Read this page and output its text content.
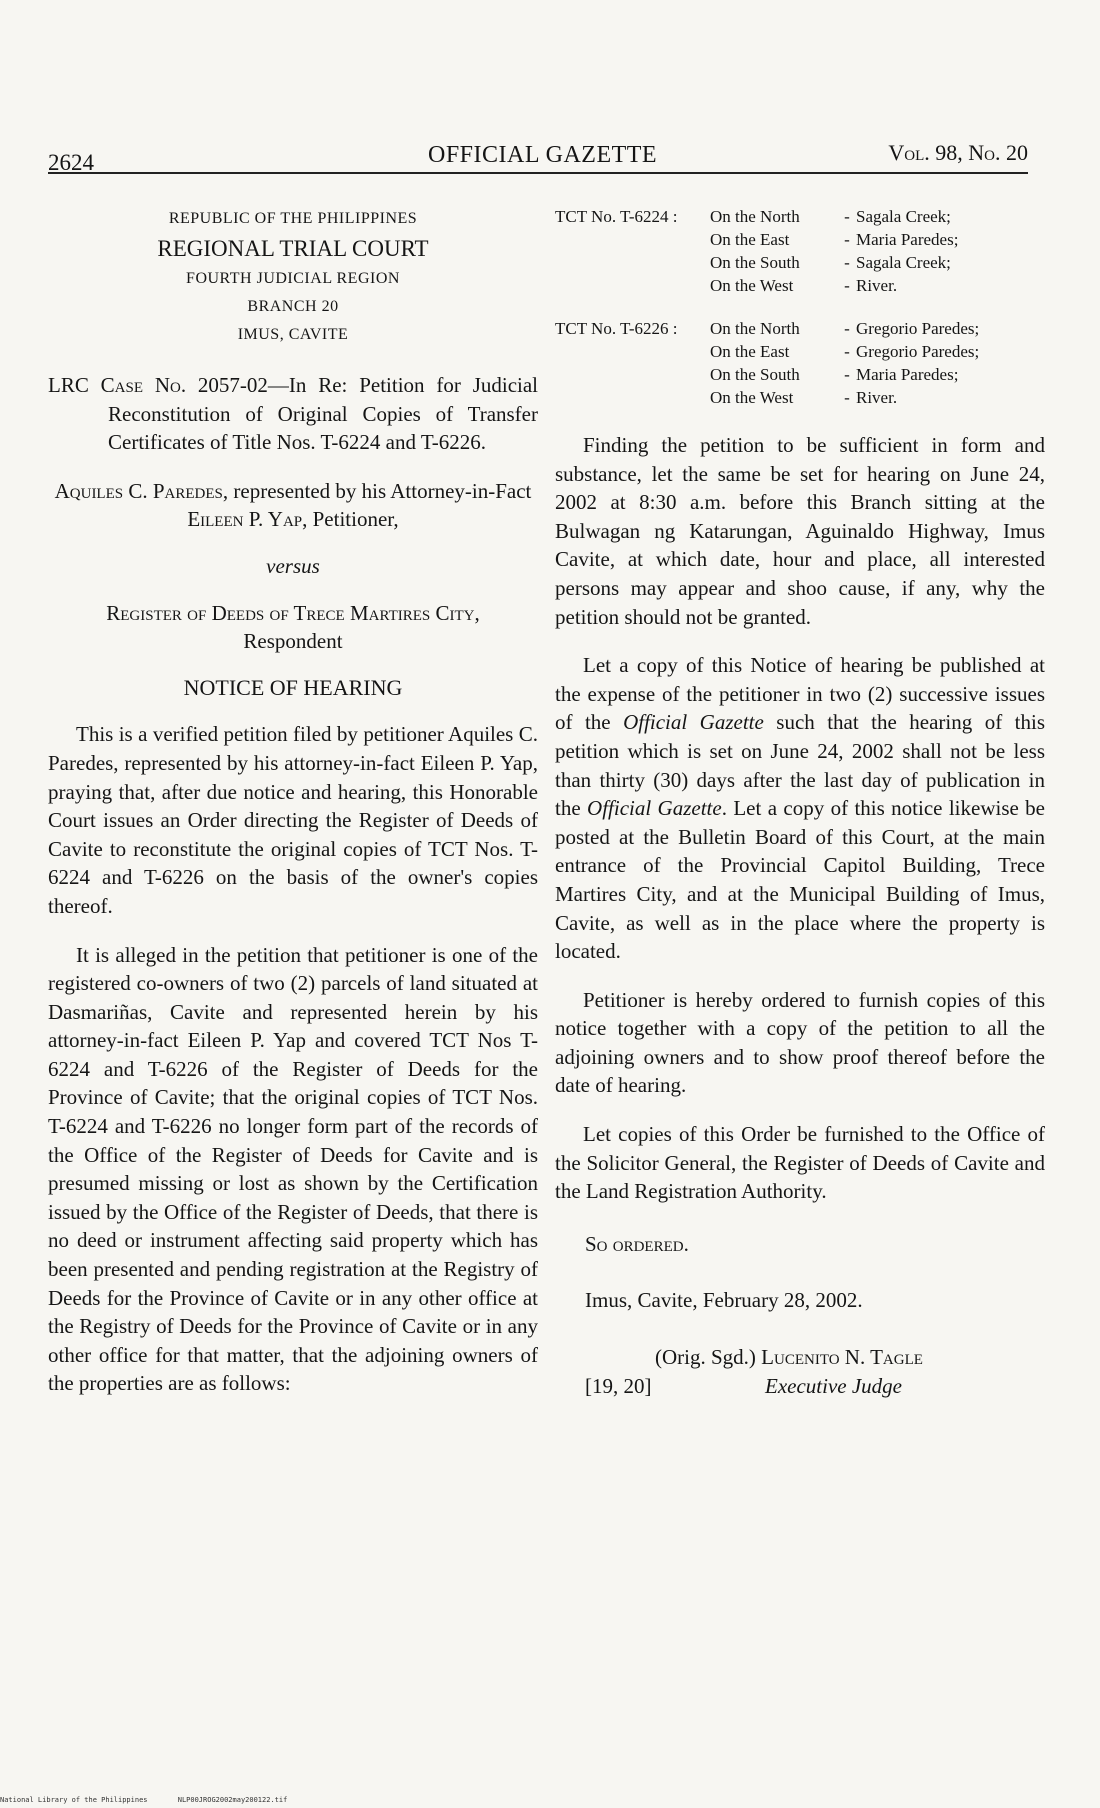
2624	OFFICIAL GAZETTE	Vol. 98, No. 20
REPUBLIC OF THE PHILIPPINES
REGIONAL TRIAL COURT
FOURTH JUDICIAL REGION
BRANCH 20
IMUS, CAVITE

LRC Case No. 2057-02—In Re: Petition for Judicial Reconstitution of Original Copies of Transfer Certificates of Title Nos. T-6224 and T-6226.

Aquiles C. Paredes, represented by his Attorney-in-Fact Eileen P. Yap, Petitioner,
versus
Register of Deeds of Trece Martires City,
Respondent
NOTICE OF HEARING

This is a verified petition filed by petitioner Aquiles C. Paredes, represented by his attorney-in-fact Eileen P. Yap, praying that, after due notice and hearing, this Honorable Court issues an Order directing the Register of Deeds of Cavite to reconstitute the original copies of TCT Nos. T-6224 and T-6226 on the basis of the owner's copies thereof.

It is alleged in the petition that petitioner is one of the registered co-owners of two (2) parcels of land situated at Dasmariñas, Cavite and represented herein by his attorney-in-fact Eileen P. Yap and covered TCT Nos T-6224 and T-6226 of the Register of Deeds for the Province of Cavite; that the original copies of TCT Nos. T-6224 and T-6226 no longer form part of the records of the Office of the Register of Deeds for Cavite and is presumed missing or lost as shown by the Certification issued by the Office of the Register of Deeds, that there is no deed or instrument affecting said property which has been presented and pending registration at the Registry of Deeds for the Province of Cavite or in any other office at the Registry of Deeds for the Province of Cavite or in any other office for that matter, that the adjoining owners of the properties are as follows:

TCT No. T-6224 :	On the North	-	Sagala Creek;
	On the East	-	Maria Paredes;
	On the South	-	Sagala Creek;
	On the West	-	River.

TCT No. T-6226 :	On the North	-	Gregorio Paredes;
	On the East	-	Gregorio Paredes;
	On the South	-	Maria Paredes;
	On the West	-	River.

Finding the petition to be sufficient in form and substance, let the same be set for hearing on June 24, 2002 at 8:30 a.m. before this Branch sitting at the Bulwagan ng Katarungan, Aguinaldo Highway, Imus Cavite, at which date, hour and place, all interested persons may appear and shoo cause, if any, why the petition should not be granted.

Let a copy of this Notice of hearing be published at the expense of the petitioner in two (2) successive issues of the Official Gazette such that the hearing of this petition which is set on June 24, 2002 shall not be less than thirty (30) days after the last day of publication in the Official Gazette. Let a copy of this notice likewise be posted at the Bulletin Board of this Court, at the main entrance of the Provincial Capitol Building, Trece Martires City, and at the Municipal Building of Imus, Cavite, as well as in the place where the property is located.

Petitioner is hereby ordered to furnish copies of this notice together with a copy of the petition to all the adjoining owners and to show proof thereof before the date of hearing.

Let copies of this Order be furnished to the Office of the Solicitor General, the Register of Deeds of Cavite and the Land Registration Authority.

So ordered.
Imus, Cavite, February 28, 2002.
(Orig. Sgd.) Lucenito N. Tagle
[19, 20]	Executive Judge
National Library of the Philippines	NLP00JROG2002may200122.tif
